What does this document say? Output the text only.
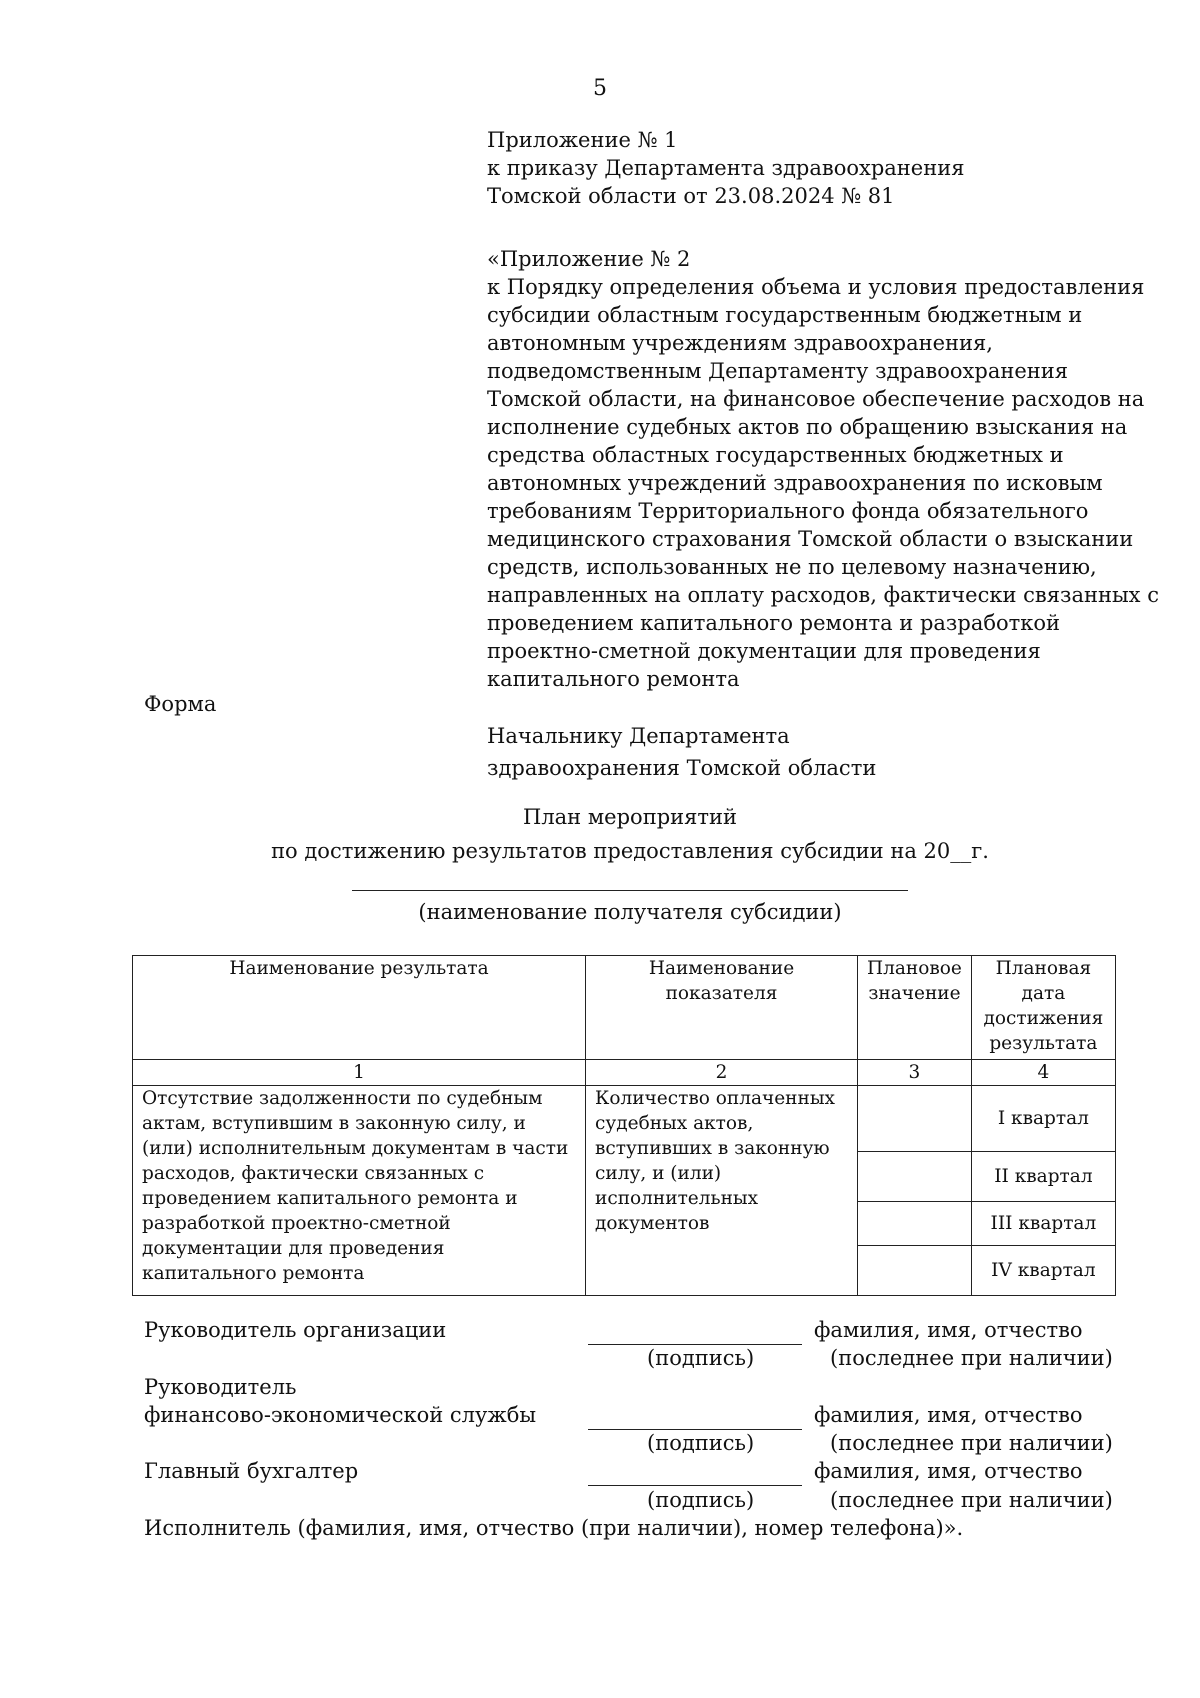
5
Приложение № 1
к приказу Департамента здравоохранения
Томской области от 23.08.2024 № 81
«Приложение № 2
к Порядку определения объема и условия предоставления
субсидии областным государственным бюджетным и
автономным учреждениям здравоохранения,
подведомственным Департаменту здравоохранения
Томской области, на финансовое обеспечение расходов на
исполнение судебных актов по обращению взыскания на
средства областных государственных бюджетных и
автономных учреждений здравоохранения по исковым
требованиям Территориального фонда обязательного
медицинского страхования Томской области о взыскании
средств, использованных не по целевому назначению,
направленных на оплату расходов, фактически связанных с
проведением капитального ремонта и разработкой
проектно-сметной документации для проведения
капитального ремонта
Форма
Начальнику Департамента
здравоохранения Томской области
План мероприятий
по достижению результатов предоставления субсидии на 20__г.
(наименование получателя субсидии)
Наименование результата	Наименование показателя	Плановое значение	Плановая дата достижения результата
1	2	3	4
Отсутствие задолженности по судебным актам, вступившим в законную силу, и (или) исполнительным документам в части расходов, фактически связанных с проведением капитального ремонта и разработкой проектно-сметной документации для проведения капитального ремонта	Количество оплаченных судебных актов, вступивших в законную силу, и (или) исполнительных документов		I квартал
			II квартал
			III квартал
			IV квартал
Руководитель организации	фамилия, имя, отчество
(подпись)	(последнее при наличии)
Руководитель
финансово-экономической службы	фамилия, имя, отчество
(подпись)	(последнее при наличии)
Главный бухгалтер	фамилия, имя, отчество
(подпись)	(последнее при наличии)
Исполнитель (фамилия, имя, отчество (при наличии), номер телефона)».
